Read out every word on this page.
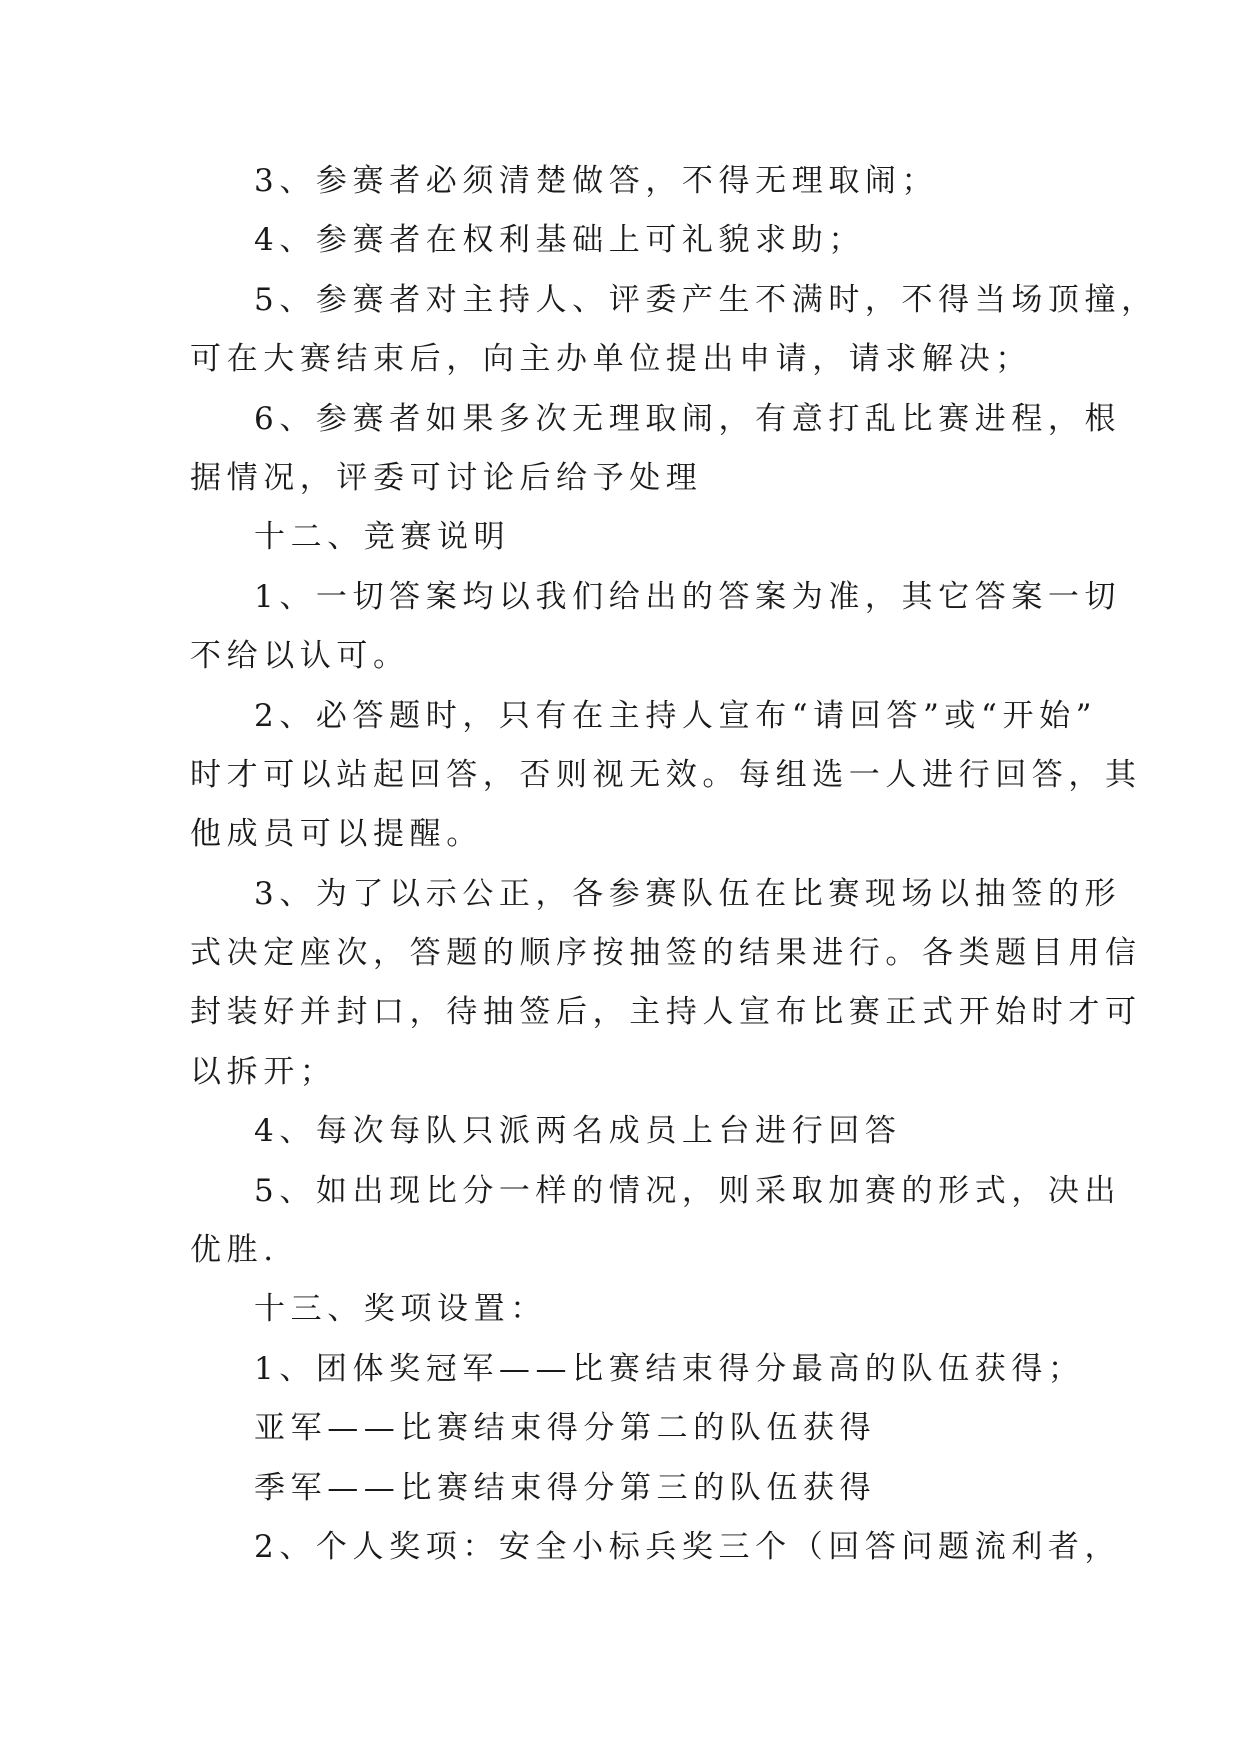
3、参赛者必须清楚做答，不得无理取闹；
4、参赛者在权利基础上可礼貌求助；
5、参赛者对主持人、评委产生不满时，不得当场顶撞，
可在大赛结束后，向主办单位提出申请，请求解决；
6、参赛者如果多次无理取闹，有意打乱比赛进程，根
据情况，评委可讨论后给予处理
十二、竞赛说明
1、一切答案均以我们给出的答案为准，其它答案一切
不给以认可。
2、必答题时，只有在主持人宣布“请回答”或“开始”
时才可以站起回答，否则视无效。每组选一人进行回答，其
他成员可以提醒。
3、为了以示公正，各参赛队伍在比赛现场以抽签的形
式决定座次，答题的顺序按抽签的结果进行。各类题目用信
封装好并封口，待抽签后，主持人宣布比赛正式开始时才可
以拆开；
4、每次每队只派两名成员上台进行回答
5、如出现比分一样的情况，则采取加赛的形式，决出
优胜.
十三、奖项设置：
1、团体奖冠军——比赛结束得分最高的队伍获得；
亚军——比赛结束得分第二的队伍获得
季军——比赛结束得分第三的队伍获得
2、个人奖项：安全小标兵奖三个（回答问题流利者，
